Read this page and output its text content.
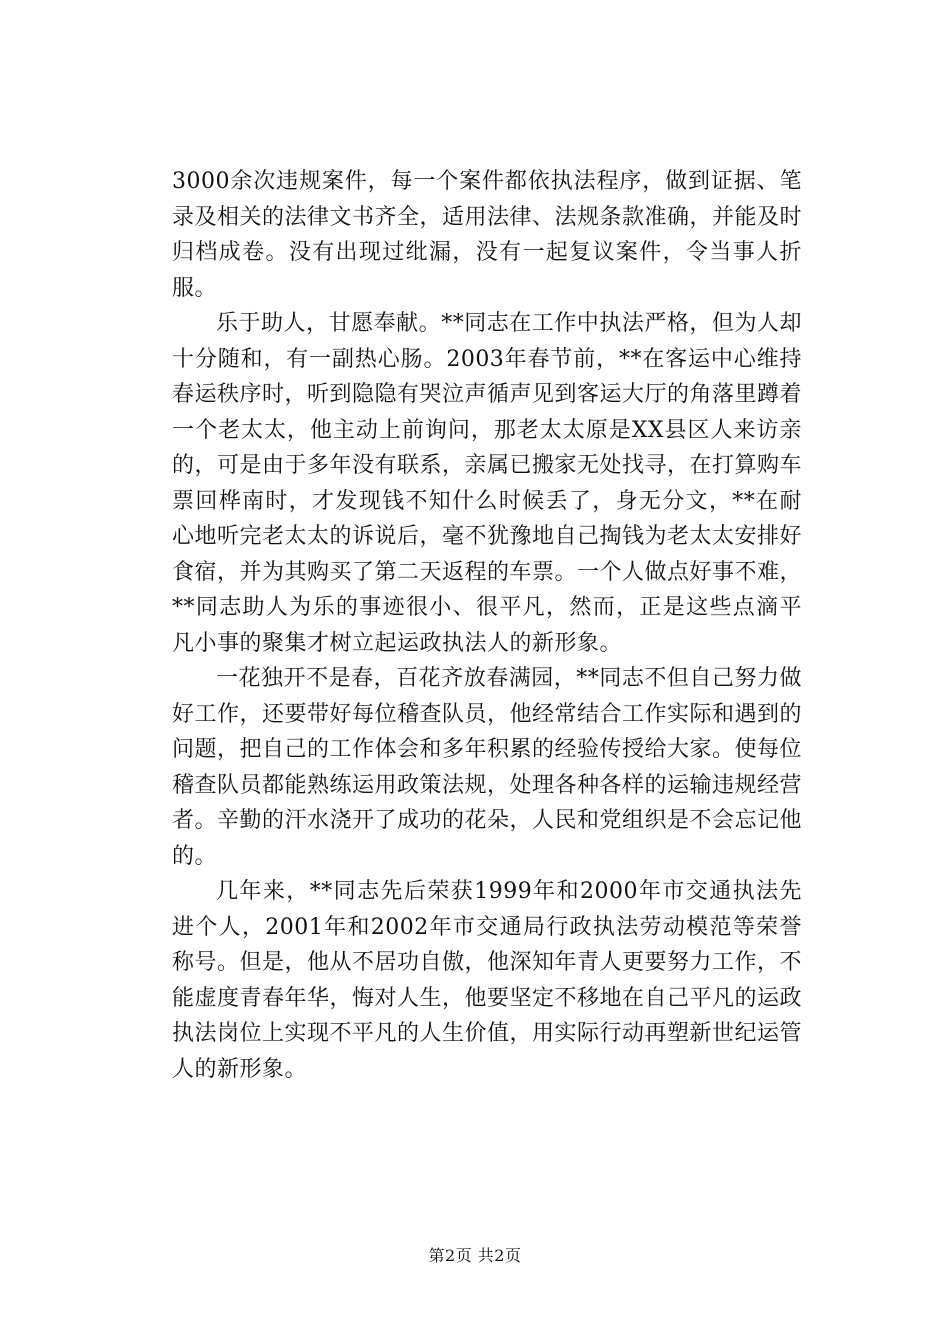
3000余次违规案件，每一个案件都依执法程序，做到证据、笔录及相关的法律文书齐全，适用法律、法规条款准确，并能及时归档成卷。没有出现过纰漏，没有一起复议案件，令当事人折服。

乐于助人，甘愿奉献。**同志在工作中执法严格，但为人却十分随和，有一副热心肠。2003年春节前，**在客运中心维持春运秩序时，听到隐隐有哭泣声循声见到客运大厅的角落里蹲着一个老太太，他主动上前询问，那老太太原是XX县区人来访亲的，可是由于多年没有联系，亲属已搬家无处找寻，在打算购车票回桦南时，才发现钱不知什么时候丢了，身无分文，**在耐心地听完老太太的诉说后，毫不犹豫地自己掏钱为老太太安排好食宿，并为其购买了第二天返程的车票。一个人做点好事不难，**同志助人为乐的事迹很小、很平凡，然而，正是这些点滴平凡小事的聚集才树立起运政执法人的新形象。

一花独开不是春，百花齐放春满园，**同志不但自己努力做好工作，还要带好每位稽查队员，他经常结合工作实际和遇到的问题，把自己的工作体会和多年积累的经验传授给大家。使每位稽查队员都能熟练运用政策法规，处理各种各样的运输违规经营者。辛勤的汗水浇开了成功的花朵，人民和党组织是不会忘记他的。

几年来，**同志先后荣获1999年和2000年市交通执法先进个人，2001年和2002年市交通局行政执法劳动模范等荣誉称号。但是，他从不居功自傲，他深知年青人更要努力工作，不能虚度青春年华，悔对人生，他要坚定不移地在自己平凡的运政执法岗位上实现不平凡的人生价值，用实际行动再塑新世纪运管人的新形象。

第2页 共2页
